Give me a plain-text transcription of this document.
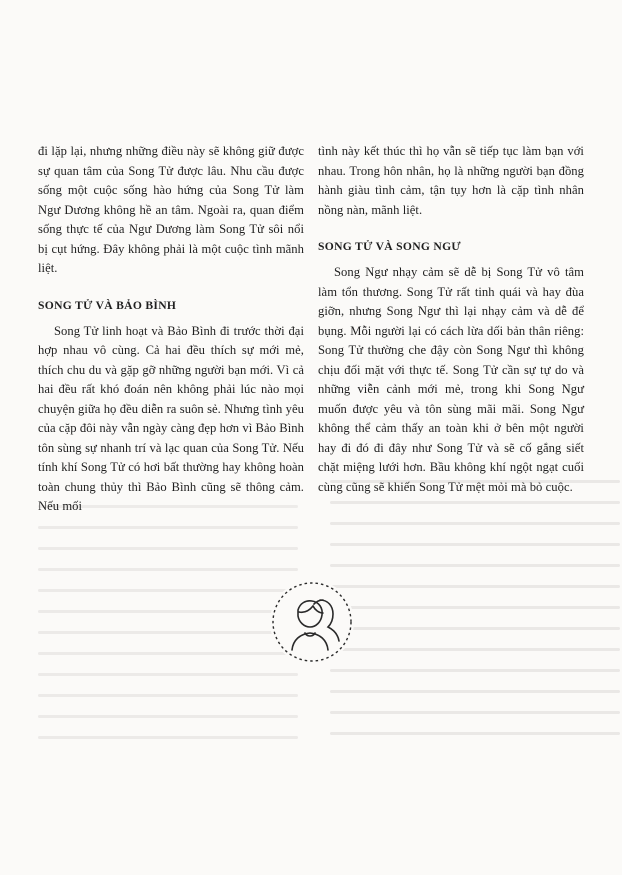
đi lặp lại, nhưng những điều này sẽ không giữ được sự quan tâm của Song Tử được lâu. Nhu cầu được sống một cuộc sống hào hứng của Song Tử làm Ngư Dương không hề an tâm. Ngoài ra, quan điểm sống thực tế của Ngư Dương làm Song Tử sôi nổi bị cụt hứng. Đây không phải là một cuộc tình mãnh liệt.

SONG TỬ VÀ BẢO BÌNH

Song Tử linh hoạt và Bảo Bình đi trước thời đại hợp nhau vô cùng. Cả hai đều thích sự mới mẻ, thích chu du và gặp gỡ những người bạn mới. Vì cả hai đều rất khó đoán nên không phải lúc nào mọi chuyện giữa họ đều diễn ra suôn sẻ. Nhưng tình yêu của cặp đôi này vẫn ngày càng đẹp hơn vì Bảo Bình tôn sùng sự nhanh trí và lạc quan của Song Tử. Nếu tính khí Song Tử có hơi bất thường hay không hoàn toàn chung thủy thì Bảo Bình cũng sẽ thông cảm. Nếu mối

tình này kết thúc thì họ vẫn sẽ tiếp tục làm bạn với nhau. Trong hôn nhân, họ là những người bạn đồng hành giàu tình cảm, tận tụy hơn là cặp tình nhân nồng nàn, mãnh liệt.

SONG TỬ VÀ SONG NGƯ

Song Ngư nhạy cảm sẽ dễ bị Song Tử vô tâm làm tổn thương. Song Tử rất tinh quái và hay đùa giỡn, nhưng Song Ngư thì lại nhạy cảm và dễ để bụng. Mỗi người lại có cách lừa dối bản thân riêng: Song Tử thường che đậy còn Song Ngư thì không chịu đối mặt với thực tế. Song Tử cần sự tự do và những viễn cảnh mới mẻ, trong khi Song Ngư muốn được yêu và tôn sùng mãi mãi. Song Ngư không thể cảm thấy an toàn khi ở bên một người hay đi đó đi đây như Song Tử và sẽ cố gắng siết chặt miệng lưới hơn. Bầu không khí ngột ngạt cuối cùng cũng sẽ khiến Song Tử mệt mỏi mà bỏ cuộc.
